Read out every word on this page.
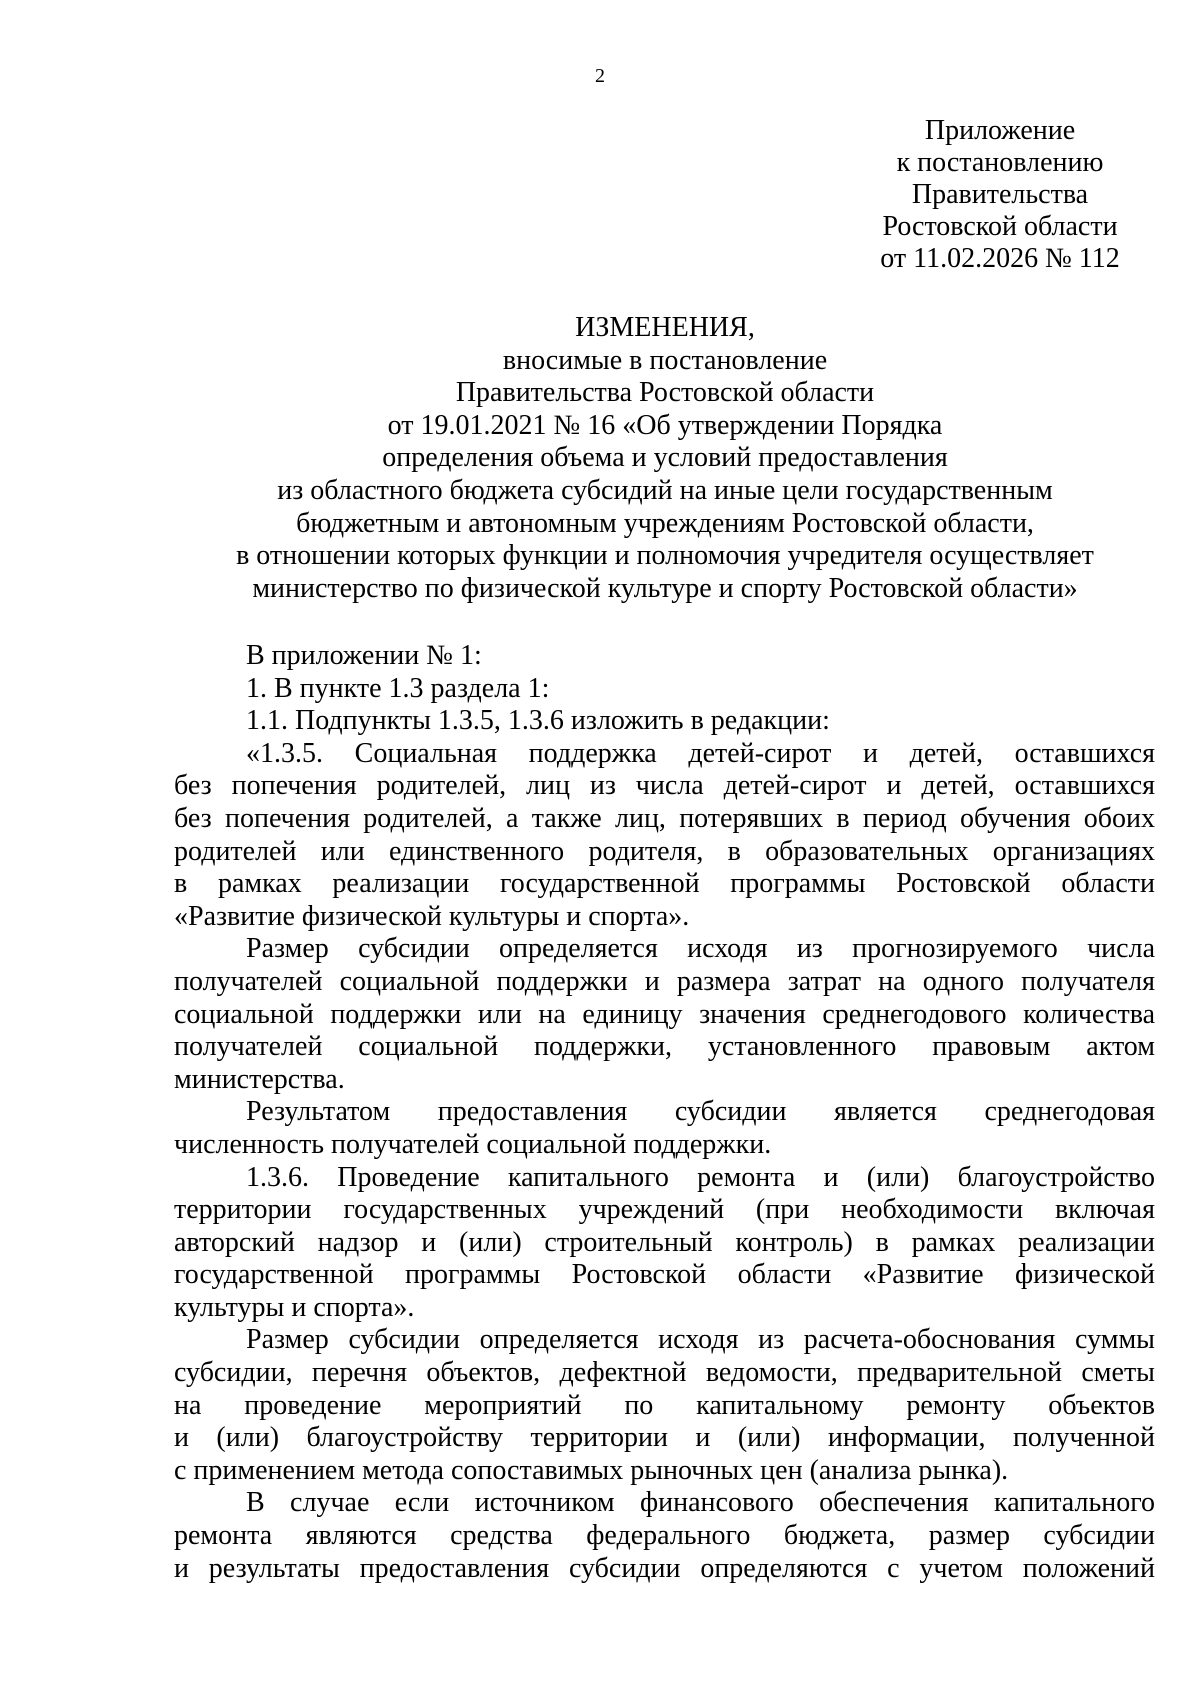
2
Приложение
к постановлению
Правительства
Ростовской области
от 11.02.2026 № 112
ИЗМЕНЕНИЯ,
вносимые в постановление
Правительства Ростовской области
от 19.01.2021 № 16 «Об утверждении Порядка
определения объема и условий предоставления
из областного бюджета субсидий на иные цели государственным
бюджетным и автономным учреждениям Ростовской области,
в отношении которых функции и полномочия учредителя осуществляет
министерство по физической культуре и спорту Ростовской области»
В приложении № 1:
1. В пункте 1.3 раздела 1:
1.1. Подпункты 1.3.5, 1.3.6 изложить в редакции:
«1.3.5. Социальная поддержка детей-сирот и детей, оставшихся
без попечения родителей, лиц из числа детей-сирот и детей, оставшихся
без попечения родителей, а также лиц, потерявших в период обучения обоих
родителей или единственного родителя, в образовательных организациях
в рамках реализации государственной программы Ростовской области
«Развитие физической культуры и спорта».
Размер субсидии определяется исходя из прогнозируемого числа
получателей социальной поддержки и размера затрат на одного получателя
социальной поддержки или на единицу значения среднегодового количества
получателей социальной поддержки, установленного правовым актом
министерства.
Результатом предоставления субсидии является среднегодовая
численность получателей социальной поддержки.
1.3.6. Проведение капитального ремонта и (или) благоустройство
территории государственных учреждений (при необходимости включая
авторский надзор и (или) строительный контроль) в рамках реализации
государственной программы Ростовской области «Развитие физической
культуры и спорта».
Размер субсидии определяется исходя из расчета-обоснования суммы
субсидии, перечня объектов, дефектной ведомости, предварительной сметы
на проведение мероприятий по капитальному ремонту объектов
и (или) благоустройству территории и (или) информации, полученной
с применением метода сопоставимых рыночных цен (анализа рынка).
В случае если источником финансового обеспечения капитального
ремонта являются средства федерального бюджета, размер субсидии
и результаты предоставления субсидии определяются с учетом положений
